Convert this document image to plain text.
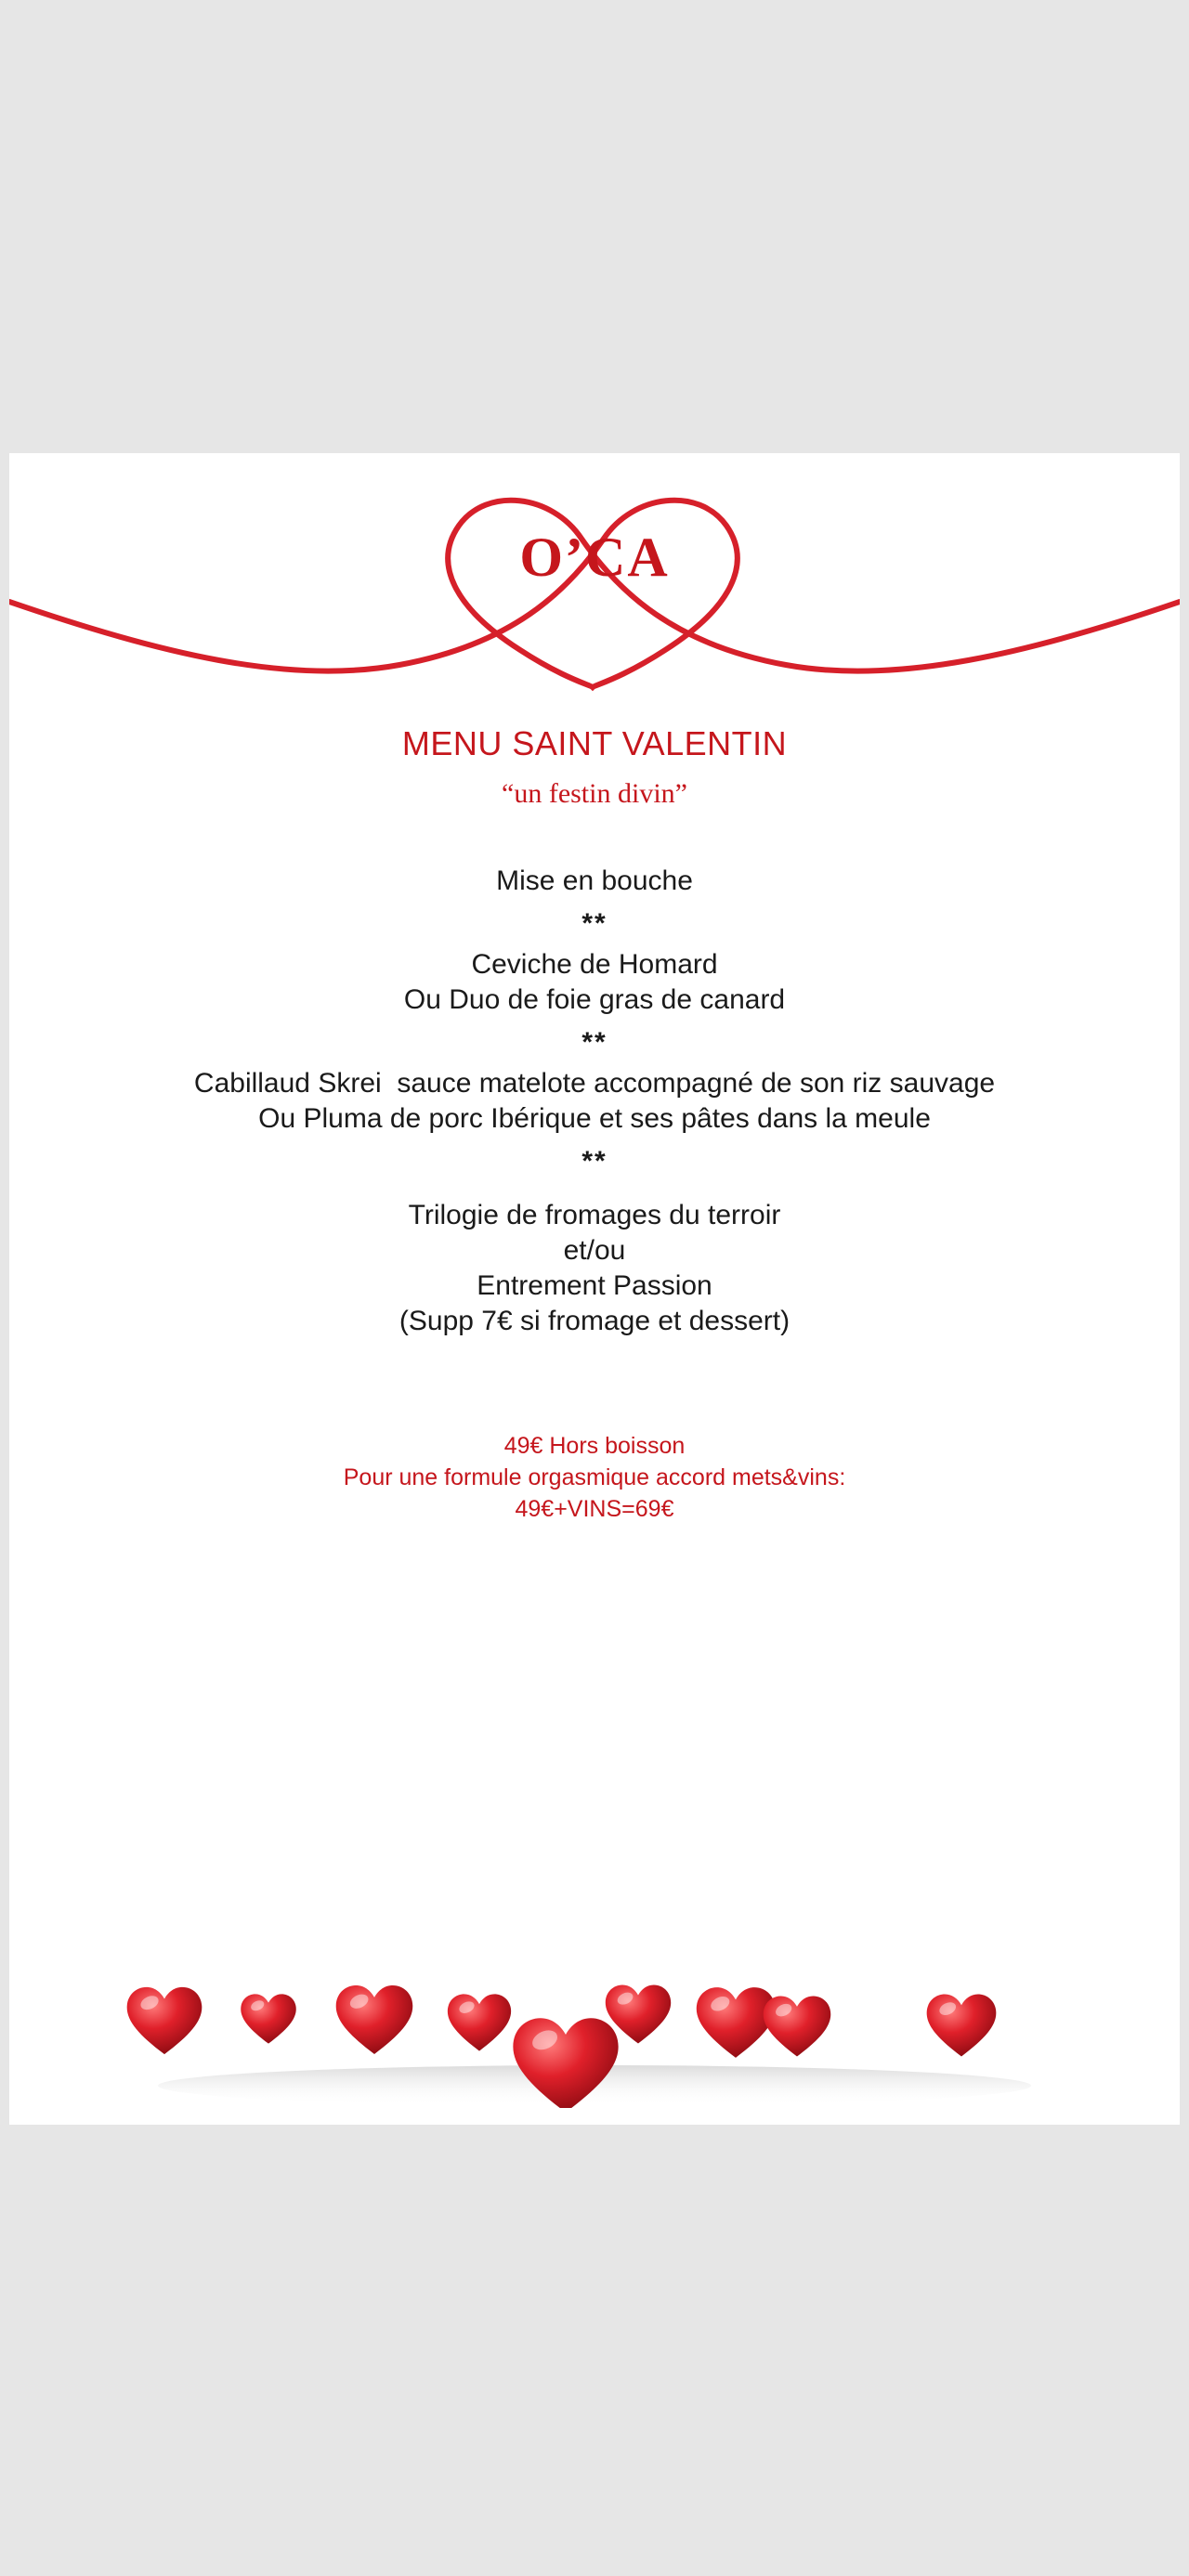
O’CA
MENU SAINT VALENTIN
“un festin divin”
Mise en bouche
**
Ceviche de Homard
Ou Duo de foie gras de canard
**
Cabillaud Skrei  sauce matelote accompagné de son riz sauvage
Ou Pluma de porc Ibérique et ses pâtes dans la meule
**
Trilogie de fromages du terroir
et/ou
Entrement Passion
(Supp 7€ si fromage et dessert)
49€ Hors boisson
Pour une formule orgasmique accord mets&vins:
49€+VINS=69€
